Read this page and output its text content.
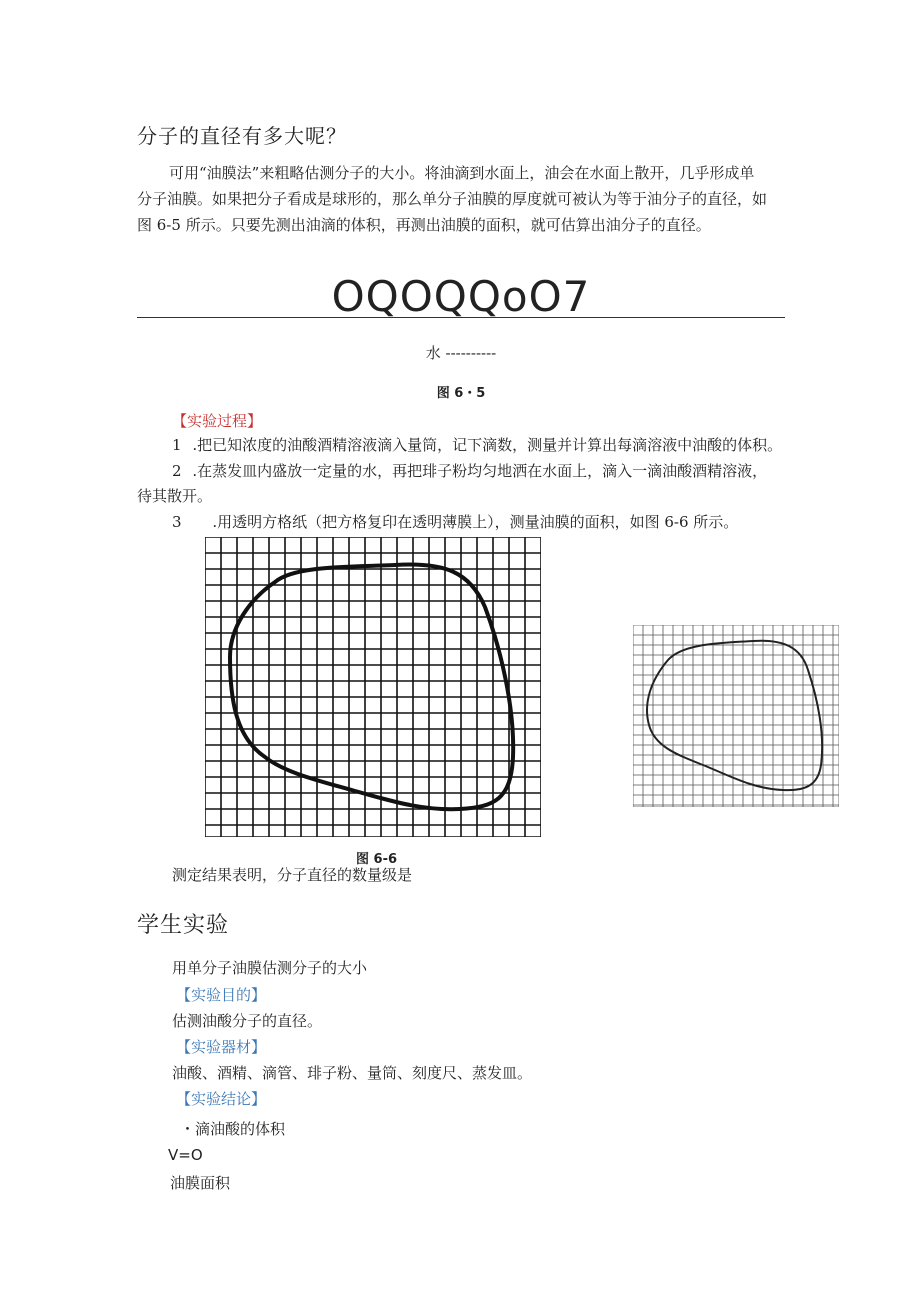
分子的直径有多大呢？
可用“油膜法”来粗略估测分子的大小。将油滴到水面上，油会在水面上散开，几乎形成单
分子油膜。如果把分子看成是球形的，那么单分子油膜的厚度就可被认为等于油分子的直径，如
图 6-5 所示。只要先测出油滴的体积，再测出油膜的面积，就可估算出油分子的直径。
OQOQQoO7
水 ----------
图 6・5
【实验过程】
1 .把已知浓度的油酸酒精溶液滴入量筒，记下滴数，测量并计算出每滴溶液中油酸的体积。
2 .在蒸发皿内盛放一定量的水，再把琲子粉均匀地洒在水面上，滴入一滴油酸酒精溶液，
待其散开。
3 .用透明方格纸（把方格复印在透明薄膜上），测量油膜的面积，如图 6-6 所示。
图 6-6
测定结果表明，分子直径的数量级是
学生实验
用单分子油膜估测分子的大小
【实验目的】
估测油酸分子的直径。
【实验器材】
油酸、酒精、滴管、琲子粉、量筒、刻度尺、蒸发皿。
【实验结论】
・滴油酸的体积
V=O
油膜面积
